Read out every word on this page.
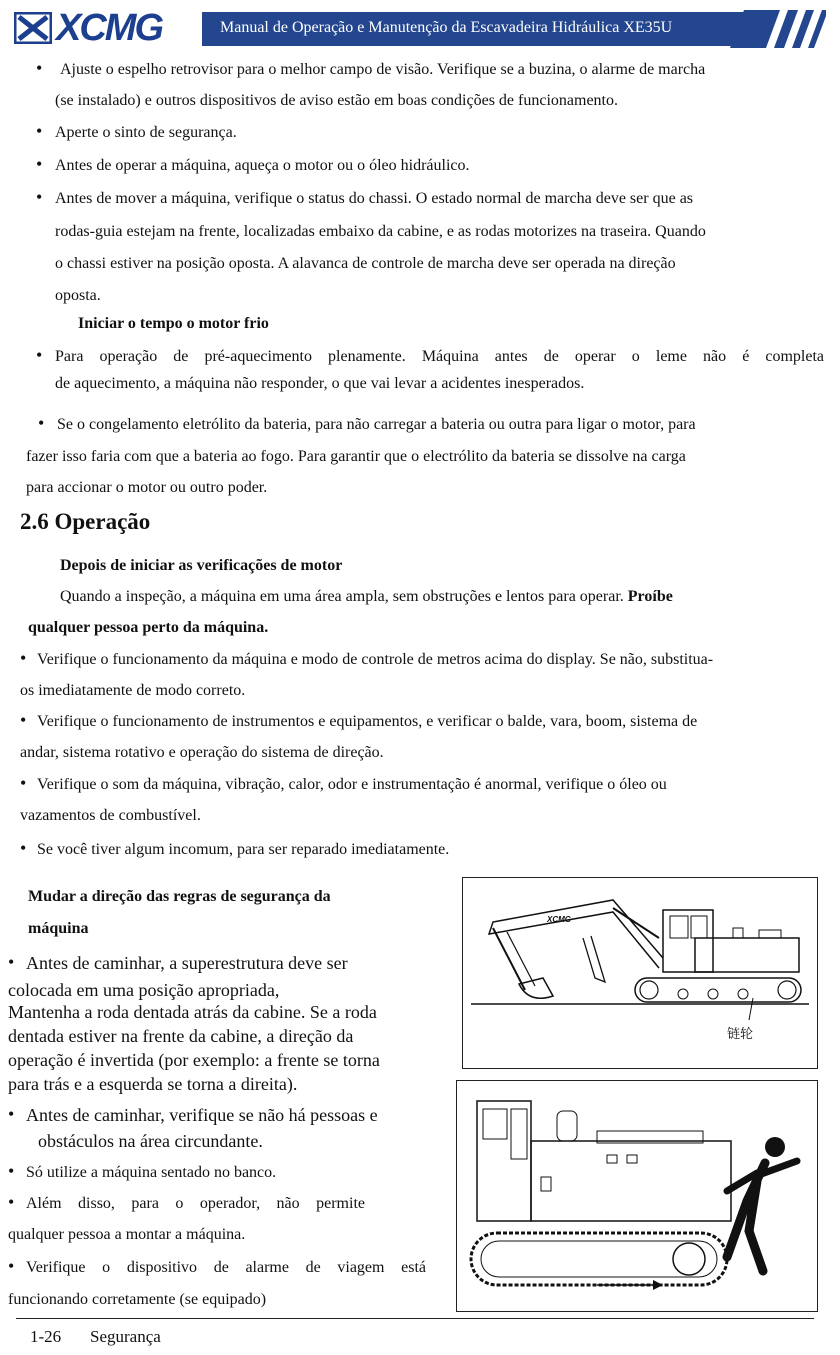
XCMG	Manual de Operação e Manutenção da Escavadeira Hidráulica XE35U
• Ajuste o espelho retrovisor para o melhor campo de visão. Verifique se a buzina, o alarme de marcha
(se instalado) e outros dispositivos de aviso estão em boas condições de funcionamento.
• Aperte o sinto de segurança.
• Antes de operar a máquina, aqueça o motor ou o óleo hidráulico.
• Antes de mover a máquina, verifique o status do chassi. O estado normal de marcha deve ser que as
rodas-guia estejam na frente, localizadas embaixo da cabine, e as rodas motorizes na traseira. Quando
o chassi estiver na posição oposta. A alavanca de controle de marcha deve ser operada na direção
oposta.
Iniciar o tempo o motor frio
• Para operação de pré-aquecimento plenamente. Máquina antes de operar o leme não é completa
de aquecimento, a máquina não responder, o que vai levar a acidentes inesperados.
• Se o congelamento eletrólito da bateria, para não carregar a bateria ou outra para ligar o motor, para
fazer isso faria com que a bateria ao fogo. Para garantir que o electrólito da bateria se dissolve na carga
para accionar o motor ou outro poder.
2.6 Operação
Depois de iniciar as verificações de motor
Quando a inspeção, a máquina em uma área ampla, sem obstruções e lentos para operar. Proíbe
qualquer pessoa perto da máquina.
• Verifique o funcionamento da máquina e modo de controle de metros acima do display. Se não, substitua-
os imediatamente de modo correto.
• Verifique o funcionamento de instrumentos e equipamentos, e verificar o balde, vara, boom, sistema de
andar, sistema rotativo e operação do sistema de direção.
• Verifique o som da máquina, vibração, calor, odor e instrumentação é anormal, verifique o óleo ou
vazamentos de combustível.
• Se você tiver algum incomum, para ser reparado imediatamente.
Mudar a direção das regras de segurança da
máquina
• Antes de caminhar, a superestrutura deve ser
colocada em uma posição apropriada,
Mantenha a roda dentada atrás da cabine. Se a roda
dentada estiver na frente da cabine, a direção da
operação é invertida (por exemplo: a frente se torna
para trás e a esquerda se torna a direita).
• Antes de caminhar, verifique se não há pessoas e
obstáculos na área circundante.
• Só utilize a máquina sentado no banco.
• Além disso, para o operador, não permite
qualquer pessoa a montar a máquina.
• Verifique o dispositivo de alarme de viagem está
funcionando corretamente (se equipado)
XCMG
链轮
1-26 Segurança
